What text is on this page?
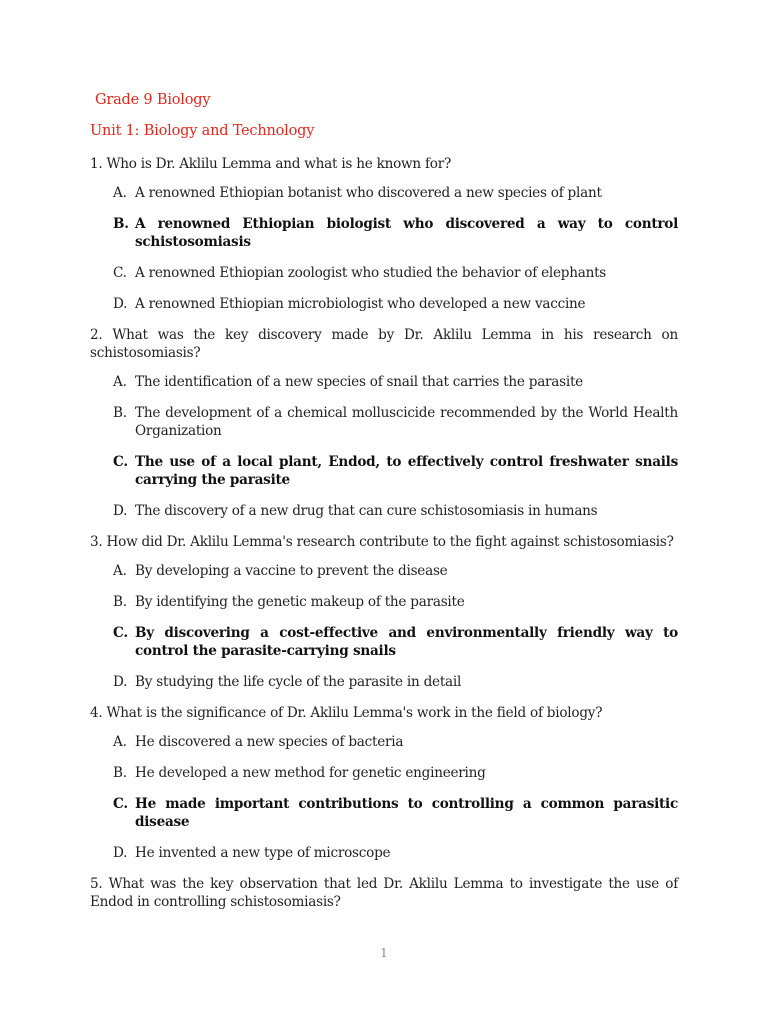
Grade 9 Biology
Unit 1: Biology and Technology
1. Who is Dr. Aklilu Lemma and what is he known for?
A. A renowned Ethiopian botanist who discovered a new species of plant
B. A renowned Ethiopian biologist who discovered a way to control schistosomiasis
C. A renowned Ethiopian zoologist who studied the behavior of elephants
D. A renowned Ethiopian microbiologist who developed a new vaccine
2. What was the key discovery made by Dr. Aklilu Lemma in his research on schistosomiasis?
A. The identification of a new species of snail that carries the parasite
B. The development of a chemical molluscicide recommended by the World Health Organization
C. The use of a local plant, Endod, to effectively control freshwater snails carrying the parasite
D. The discovery of a new drug that can cure schistosomiasis in humans
3. How did Dr. Aklilu Lemma's research contribute to the fight against schistosomiasis?
A. By developing a vaccine to prevent the disease
B. By identifying the genetic makeup of the parasite
C. By discovering a cost-effective and environmentally friendly way to control the parasite-carrying snails
D. By studying the life cycle of the parasite in detail
4. What is the significance of Dr. Aklilu Lemma's work in the field of biology?
A. He discovered a new species of bacteria
B. He developed a new method for genetic engineering
C. He made important contributions to controlling a common parasitic disease
D. He invented a new type of microscope
5. What was the key observation that led Dr. Aklilu Lemma to investigate the use of Endod in controlling schistosomiasis?
1
